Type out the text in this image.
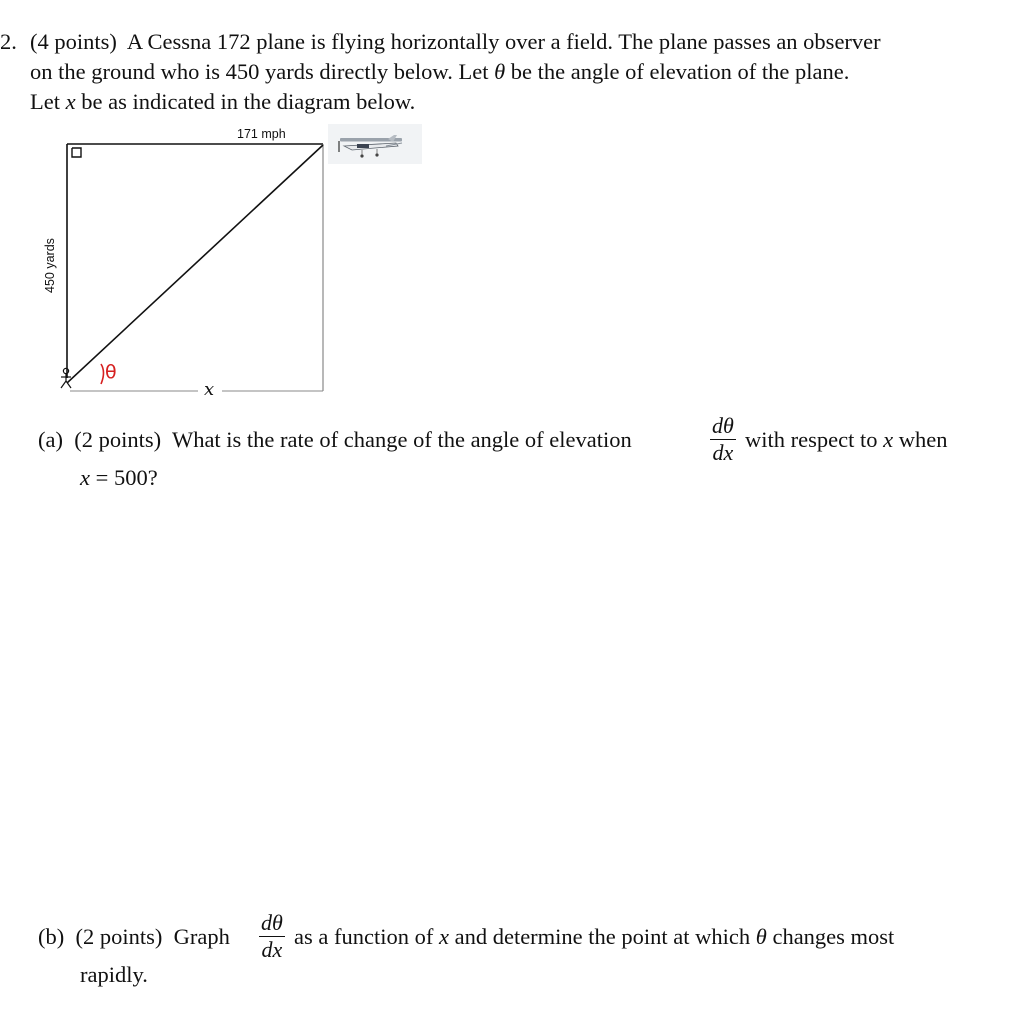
2. (4 points) A Cessna 172 plane is flying horizontally over a field. The plane passes an observer
on the ground who is 450 yards directly below. Let θ be the angle of elevation of the plane.
Let x be as indicated in the diagram below.
171 mph
450 yards
θ
x
(a) (2 points) What is the rate of change of the angle of elevation	$\frac{d\theta}{dx}$ with respect to x when
x = 500?
(b) (2 points) Graph $\frac{d\theta}{dx}$ as a function of x and determine the point at which θ changes most
rapidly.
